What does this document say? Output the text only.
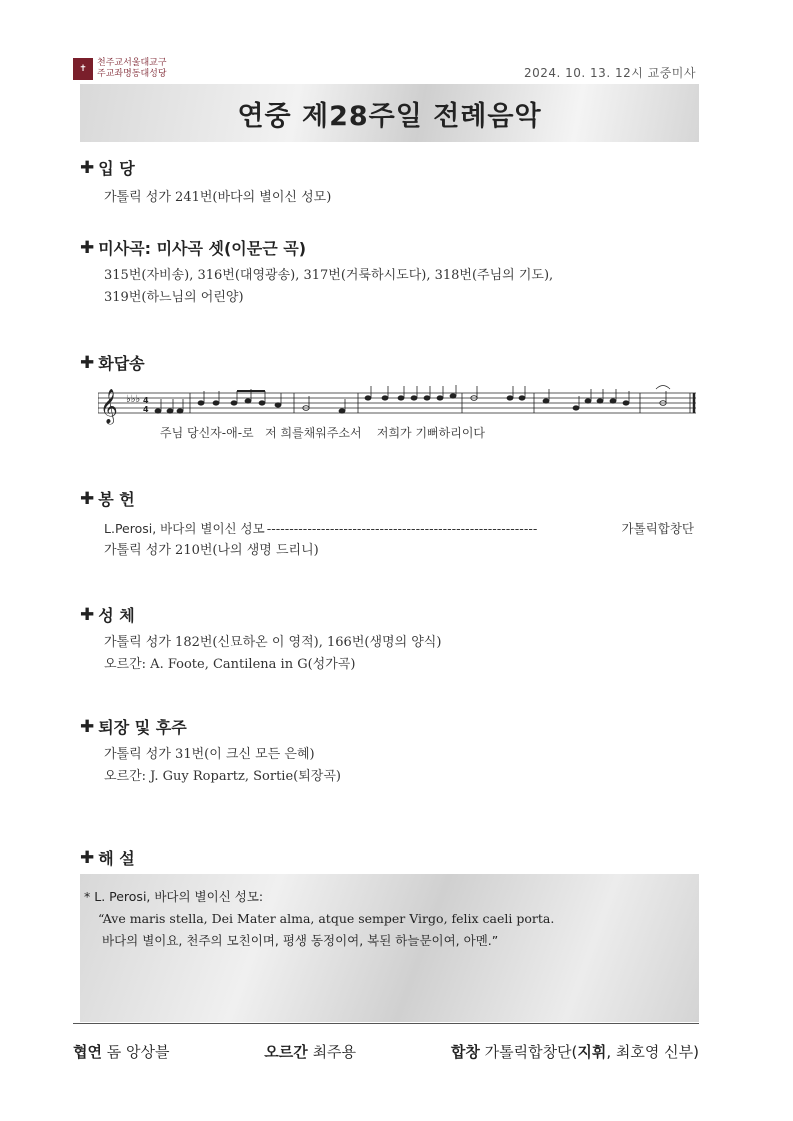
✝
천주교서울대교구
주교좌명동대성당	2024. 10. 13. 12시 교중미사
연중 제28주일 전례음악
✚ 입 당
가톨릭 성가 241번(바다의 별이신 성모)
✚ 미사곡: 미사곡 셋(이문근 곡)
315번(자비송), 316번(대영광송), 317번(거룩하시도다), 318번(주님의 기도),
319번(하느님의 어린양)
✚ 화답송
𝄞 ♭♭♭ 4
4
주님 당신자-애-로   저 희를채워주소서    저희가 기뻐하리이다
✚ 봉 헌
L.Perosi, 바다의 별이신 성모 ------------------------------------------------------------	가톨릭합창단
가톨릭 성가 210번(나의 생명 드리니)
✚ 성 체
가톨릭 성가 182번(신묘하온 이 영적), 166번(생명의 양식)
오르간: A. Foote, Cantilena in G(성가곡)
✚ 퇴장 및 후주
가톨릭 성가 31번(이 크신 모든 은혜)
오르간: J. Guy Ropartz, Sortie(퇴장곡)
✚ 해 설
* L. Perosi, 바다의 별이신 성모:
“Ave maris stella, Dei Mater alma, atque semper Virgo, felix caeli porta.
바다의 별이요, 천주의 모친이며, 평생 동정이여, 복된 하늘문이여, 아멘.”
협연 돔 앙상블	오르간 최주용	합창 가톨릭합창단(지휘, 최호영 신부)
